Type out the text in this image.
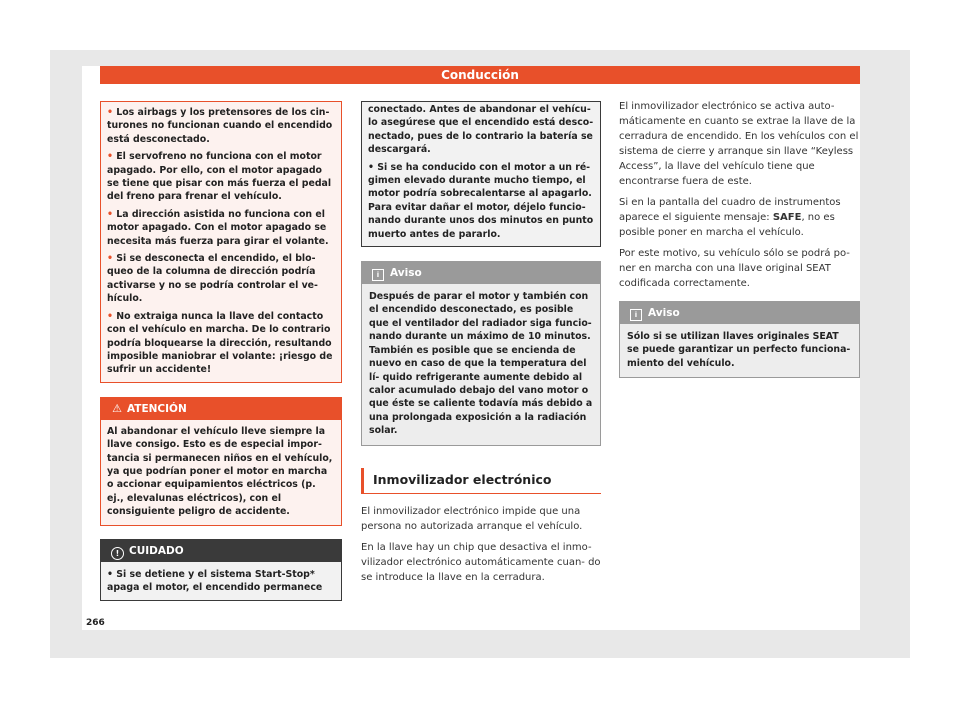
Conducción

• Los airbags y los pretensores de los cin- turones no funcionan cuando el encendido está desconectado.

• El servofreno no funciona con el motor apagado. Por ello, con el motor apagado se tiene que pisar con más fuerza el pedal del freno para frenar el vehículo.

• La dirección asistida no funciona con el motor apagado. Con el motor apagado se necesita más fuerza para girar el volante.

• Si se desconecta el encendido, el blo- queo de la columna de dirección podría activarse y no se podría controlar el ve- hículo.

• No extraiga nunca la llave del contacto con el vehículo en marcha. De lo contrario podría bloquearse la dirección, resultando imposible maniobrar el volante: ¡riesgo de sufrir un accidente!

⚠ ATENCIÓN
Al abandonar el vehículo lleve siempre la llave consigo. Esto es de especial impor- tancia si permanecen niños en el vehículo, ya que podrían poner el motor en marcha o accionar equipamientos eléctricos (p. ej., elevalunas eléctricos), con el consiguiente peligro de accidente.
! CUIDADO
• Si se detiene y el sistema Start-Stop* apaga el motor, el encendido permanece

conectado. Antes de abandonar el vehícu- lo asegúrese que el encendido está desco- nectado, pues de lo contrario la batería se descargará.

• Si se ha conducido con el motor a un ré- gimen elevado durante mucho tiempo, el motor podría sobrecalentarse al apagarlo. Para evitar dañar el motor, déjelo funcio- nando durante unos dos minutos en punto muerto antes de pararlo.

i Aviso
Después de parar el motor y también con el encendido desconectado, es posible que el ventilador del radiador siga funcio- nando durante un máximo de 10 minutos. También es posible que se encienda de nuevo en caso de que la temperatura del lí- quido refrigerante aumente debido al calor acumulado debajo del vano motor o que éste se caliente todavía más debido a una prolongada exposición a la radiación solar.
Inmovilizador electrónico

El inmovilizador electrónico impide que una persona no autorizada arranque el vehículo.

En la llave hay un chip que desactiva el inmo- vilizador electrónico automáticamente cuan- do se introduce la llave en la cerradura.

El inmovilizador electrónico se activa auto- máticamente en cuanto se extrae la llave de la cerradura de encendido. En los vehículos con el sistema de cierre y arranque sin llave “Keyless Access”, la llave del vehículo tiene que encontrarse fuera de este.

Si en la pantalla del cuadro de instrumentos aparece el siguiente mensaje: SAFE, no es posible poner en marcha el vehículo.

Por este motivo, su vehículo sólo se podrá po- ner en marcha con una llave original SEAT codificada correctamente.

i Aviso
Sólo si se utilizan llaves originales SEAT se puede garantizar un perfecto funciona- miento del vehículo.
266
